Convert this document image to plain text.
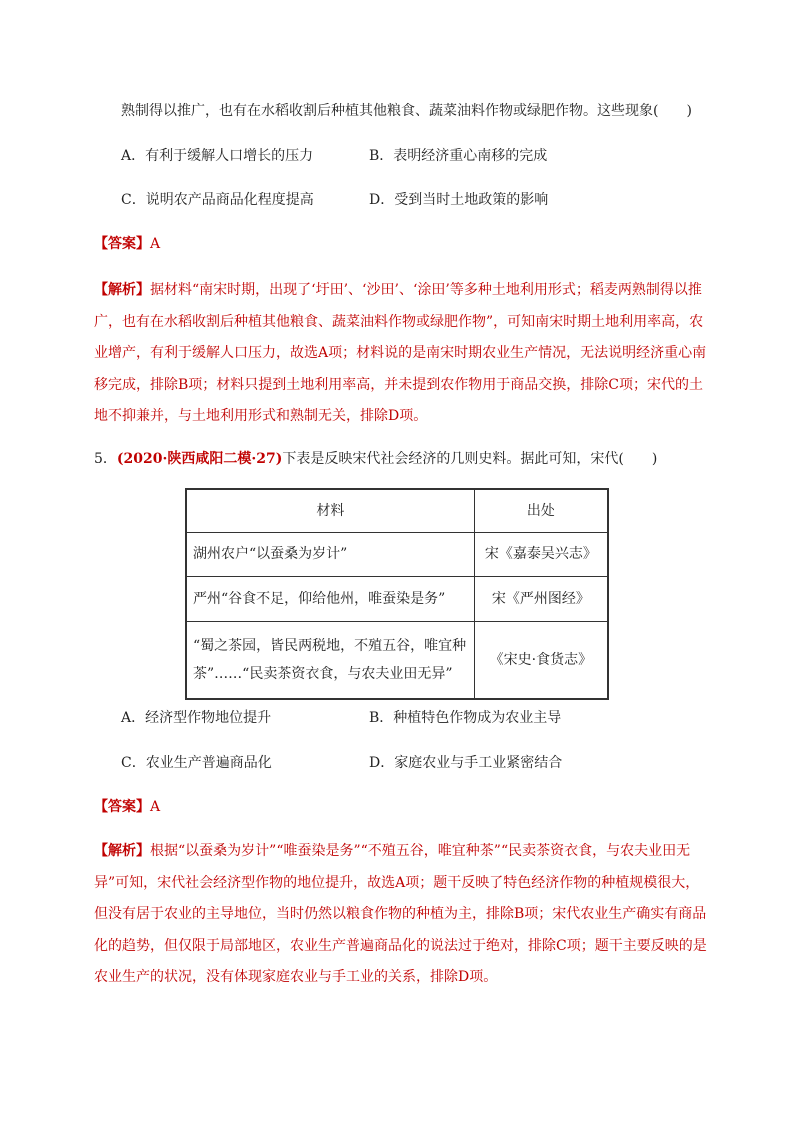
熟制得以推广，也有在水稻收割后种植其他粮食、蔬菜油料作物或绿肥作物。这些现象(　　)
A．有利于缓解人口增长的压力	B．表明经济重心南移的完成
C．说明农产品商品化程度提高	D．受到当时土地政策的影响
【答案】A
【解析】据材料“南宋时期，出现了‘圩田’、‘沙田’、‘涂田’等多种土地利用形式；稻麦两熟制得以推广，也有在水稻收割后种植其他粮食、蔬菜油料作物或绿肥作物”，可知南宋时期土地利用率高，农业增产，有利于缓解人口压力，故选A项；材料说的是南宋时期农业生产情况，无法说明经济重心南移完成，排除B项；材料只提到土地利用率高，并未提到农作物用于商品交换，排除C项；宋代的土地不抑兼并，与土地利用形式和熟制无关，排除D项。
5．(2020·陕西咸阳二模·27)下表是反映宋代社会经济的几则史料。据此可知，宋代(　　)
材料	出处
湖州农户“以蚕桑为岁计”	宋《嘉泰吴兴志》
严州“谷食不足，仰给他州，唯蚕染是务”	宋《严州图经》
“蜀之茶园，皆民两税地，不殖五谷，唯宜种茶”……“民卖茶资衣食，与农夫业田无异”	《宋史·食货志》
A．经济型作物地位提升	B．种植特色作物成为农业主导
C．农业生产普遍商品化	D．家庭农业与手工业紧密结合
【答案】A
【解析】根据“以蚕桑为岁计”“唯蚕染是务”“不殖五谷，唯宜种茶”“民卖茶资衣食，与农夫业田无异”可知，宋代社会经济型作物的地位提升，故选A项；题干反映了特色经济作物的种植规模很大，但没有居于农业的主导地位，当时仍然以粮食作物的种植为主，排除B项；宋代农业生产确实有商品化的趋势，但仅限于局部地区，农业生产普遍商品化的说法过于绝对，排除C项；题干主要反映的是农业生产的状况，没有体现家庭农业与手工业的关系，排除D项。
